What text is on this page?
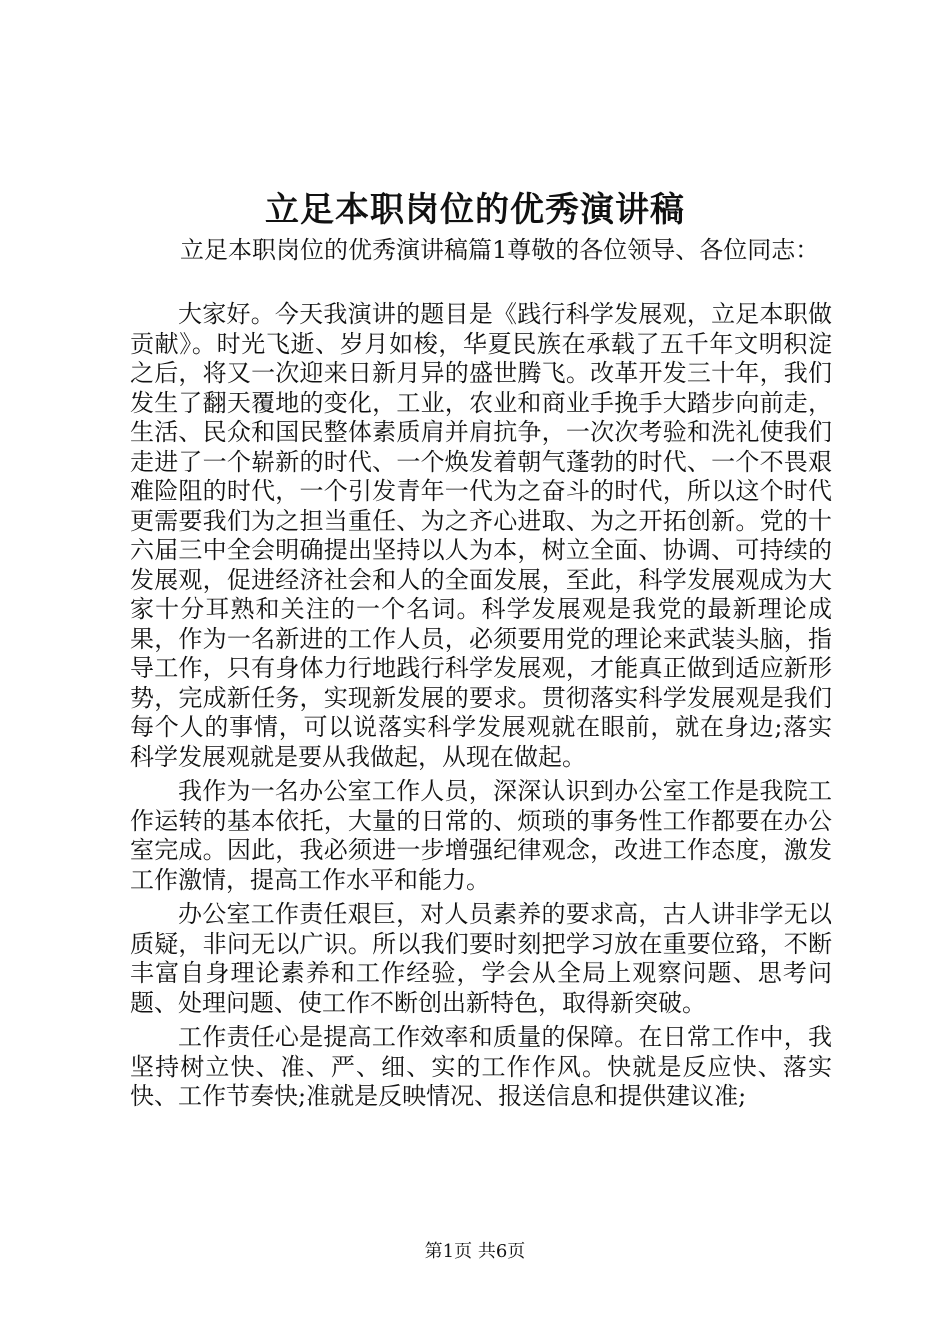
立足本职岗位的优秀演讲稿

立足本职岗位的优秀演讲稿篇1尊敬的各位领导、各位同志：

大家好。今天我演讲的题目是《践行科学发展观，立足本职做贡献》。时光飞逝、岁月如梭，华夏民族在承载了五千年文明积淀之后，将又一次迎来日新月异的盛世腾飞。改革开发三十年，我们发生了翻天覆地的变化，工业，农业和商业手挽手大踏步向前走，生活、民众和国民整体素质肩并肩抗争，一次次考验和洗礼使我们走进了一个崭新的时代、一个焕发着朝气蓬勃的时代、一个不畏艰难险阻的时代，一个引发青年一代为之奋斗的时代，所以这个时代更需要我们为之担当重任、为之齐心进取、为之开拓创新。党的十六届三中全会明确提出坚持以人为本，树立全面、协调、可持续的发展观，促进经济社会和人的全面发展，至此，科学发展观成为大家十分耳熟和关注的一个名词。科学发展观是我党的最新理论成果，作为一名新进的工作人员，必须要用党的理论来武装头脑，指导工作，只有身体力行地践行科学发展观，才能真正做到适应新形势，完成新任务，实现新发展的要求。贯彻落实科学发展观是我们每个人的事情，可以说落实科学发展观就在眼前，就在身边;落实科学发展观就是要从我做起，从现在做起。

我作为一名办公室工作人员，深深认识到办公室工作是我院工作运转的基本依托，大量的日常的、烦琐的事务性工作都要在办公室完成。因此，我必须进一步增强纪律观念，改进工作态度，激发工作激情，提高工作水平和能力。

办公室工作责任艰巨，对人员素养的要求高，古人讲非学无以质疑，非问无以广识。所以我们要时刻把学习放在重要位臵，不断丰富自身理论素养和工作经验，学会从全局上观察问题、思考问题、处理问题、使工作不断创出新特色，取得新突破。

工作责任心是提高工作效率和质量的保障。在日常工作中，我坚持树立快、准、严、细、实的工作作风。快就是反应快、落实快、工作节奏快;准就是反映情况、报送信息和提供建议准;

第1页 共6页
